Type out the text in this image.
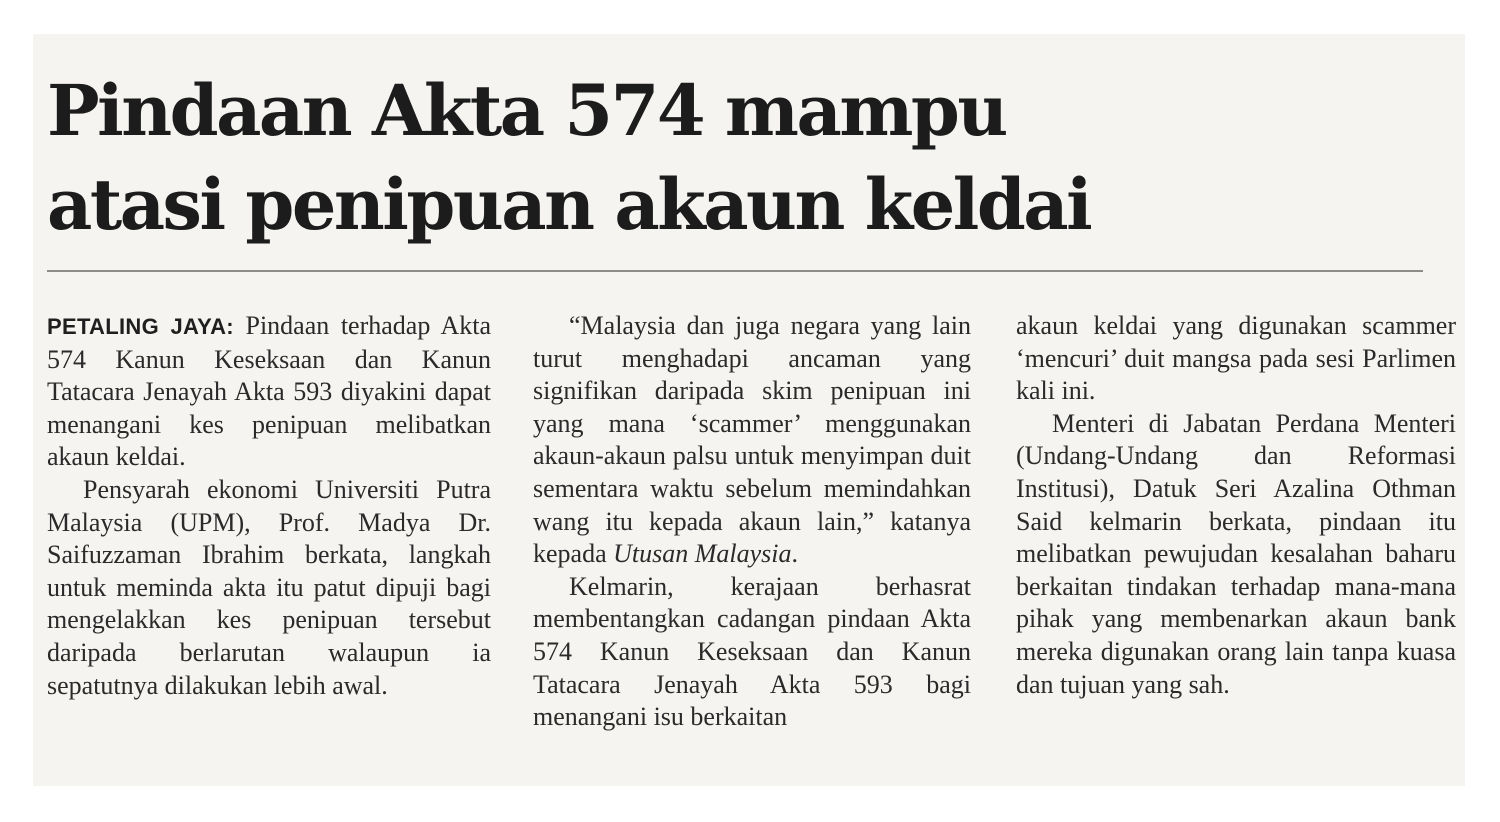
Pindaan Akta 574 mampu
atasi penipuan akaun keldai

PETALING JAYA: Pindaan terhadap Akta 574 Kanun Keseksaan dan Kanun Tatacara Jenayah Akta 593 diyakini dapat menangani kes penipuan melibatkan akaun keldai.

Pensyarah ekonomi Universiti Putra Malaysia (UPM), Prof. Madya Dr. Saifuzzaman Ibrahim berkata, langkah untuk meminda akta itu patut dipuji bagi mengelakkan kes penipuan tersebut daripada berlarutan walaupun ia sepatutnya dilakukan lebih awal.

“Malaysia dan juga negara yang lain turut menghadapi ancaman yang signifikan daripada skim penipuan ini yang mana ‘scammer’ menggunakan akaun-akaun palsu untuk menyimpan duit sementara waktu sebelum memindahkan wang itu kepada akaun lain,” katanya kepada Utusan Malaysia.

Kelmarin, kerajaan berhasrat membentangkan cadangan pindaan Akta 574 Kanun Keseksaan dan Kanun Tatacara Jenayah Akta 593 bagi menangani isu berkaitan

akaun keldai yang digunakan scammer ‘mencuri’ duit mangsa pada sesi Parlimen kali ini.

Menteri di Jabatan Perdana Menteri (Undang-Undang dan Reformasi Institusi), Datuk Seri Azalina Othman Said kelmarin berkata, pindaan itu melibatkan pewujudan kesalahan baharu berkaitan tindakan terhadap mana-mana pihak yang membenarkan akaun bank mereka digunakan orang lain tanpa kuasa dan tujuan yang sah.
